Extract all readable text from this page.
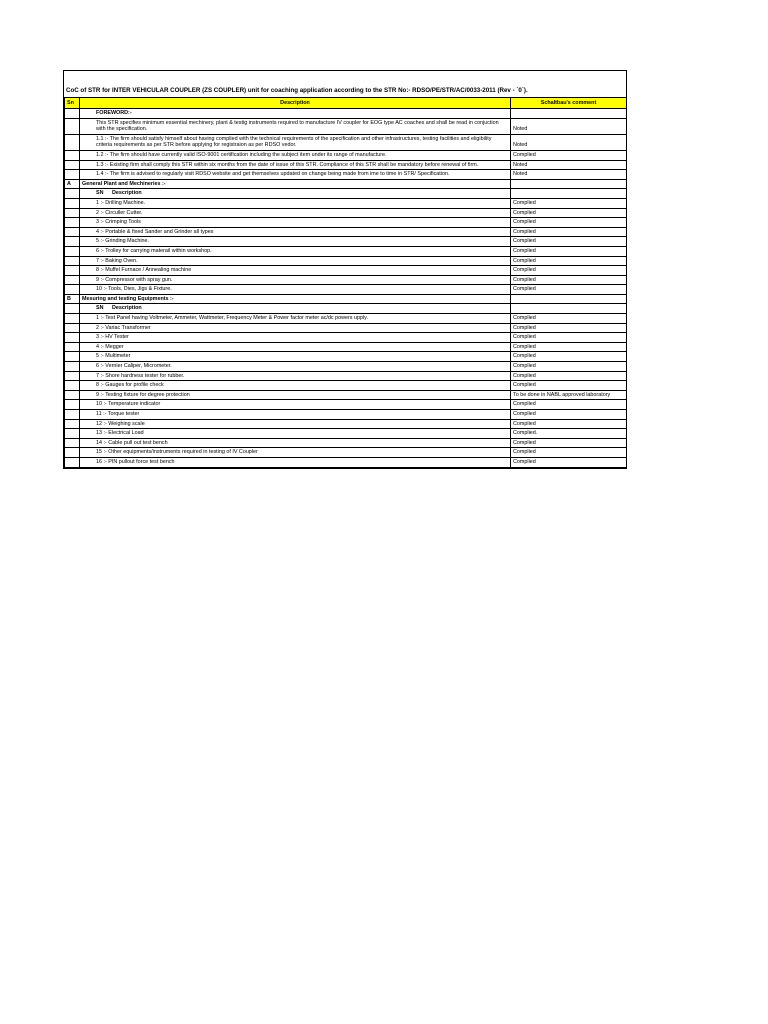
CoC of STR for INTER VEHICULAR COUPLER (ZS COUPLER) unit for coaching application according to the STR No:- RDSO/PE/STR/AC/0033-2011 (Rev - `0`).
Sn	Description	Schaltbau's comment
	FOREWORD:-	
	This STR specifies minimum essential mechinery, plant & testig instruments required to manufacture IV coupler for EOG type AC coaches and shall be read in conjuction with the specification.	Noted
	1.1 :- The firm should satisfy himself about having complied with the technical requirements of the specification and other infrastructures, testing facilities and eligibility criteria requirements as per STR before applying for registraion as per RDSO vedor.	Noted
	1.2 :- The firm should have currently valid ISO-9001 certification including the subject item under its range of manufacture.	Complied
	1.3 :- Existing firm shall comply this STR within six months from the date of issue of this STR. Compliance of this STR shall be mandatory before renewal of firm.	Noted
	1.4 :- The firm is advised to regularly visit RDSO website and get themselves updated on change being made from ime to time in STR/ Specification.	Noted
A	General Plant and Mechineries :-	
	SN Description	
	1 :- Drilling Machine.	Complied
	2 :- Circuller Cutter.	Complied
	3 :- Crimping Tools	Complied
	4 :- Portable & fixed Sander and Grinder all types	Complied
	5 :- Grinding Machine.	Complied
	6 :- Trolley for carrying materail within workshop.	Complied
	7 :- Baking Oven.	Complied
	8 :- Muffel Furnace / Annealing machine	Complied
	9 :- Compressor with spray gun.	Complied
	10 :- Tools, Dies, Jigs & Fixture.	Complied
B	Mesuring and testing Equipments :-	
	SN Description	
	1 :- Test Panel having Voltmeter, Ammeter, Wattmeter, Frequency Meter & Power factor meter ac/dc powers upply.	Complied
	2 :- Variac Transformer	Complied
	3 :- HV Tester	Complied
	4 :- Megger	Complied
	5 :- Multimeter	Complied
	6 :- Vernier Caliper, Micrometer.	Complied
	7 :- Shore hardness tester for rubber.	Complied
	8 :- Gauges for profile check	Complied
	9 :- Testing fixture for degree protection	To be done in NABL approved laboratory
	10 :- Temperature indicator	Complied
	11 :- Torque tester	Complied
	12 :- Weighing scale	Complied
	13 :- Electrical Load	Complied.
	14 :- Cable pull out test bench	Complied
	15 :- Other equipments/instruments required in testing of IV Coupler	Complied
	16 :- PIN pullout force test bench	Complied
